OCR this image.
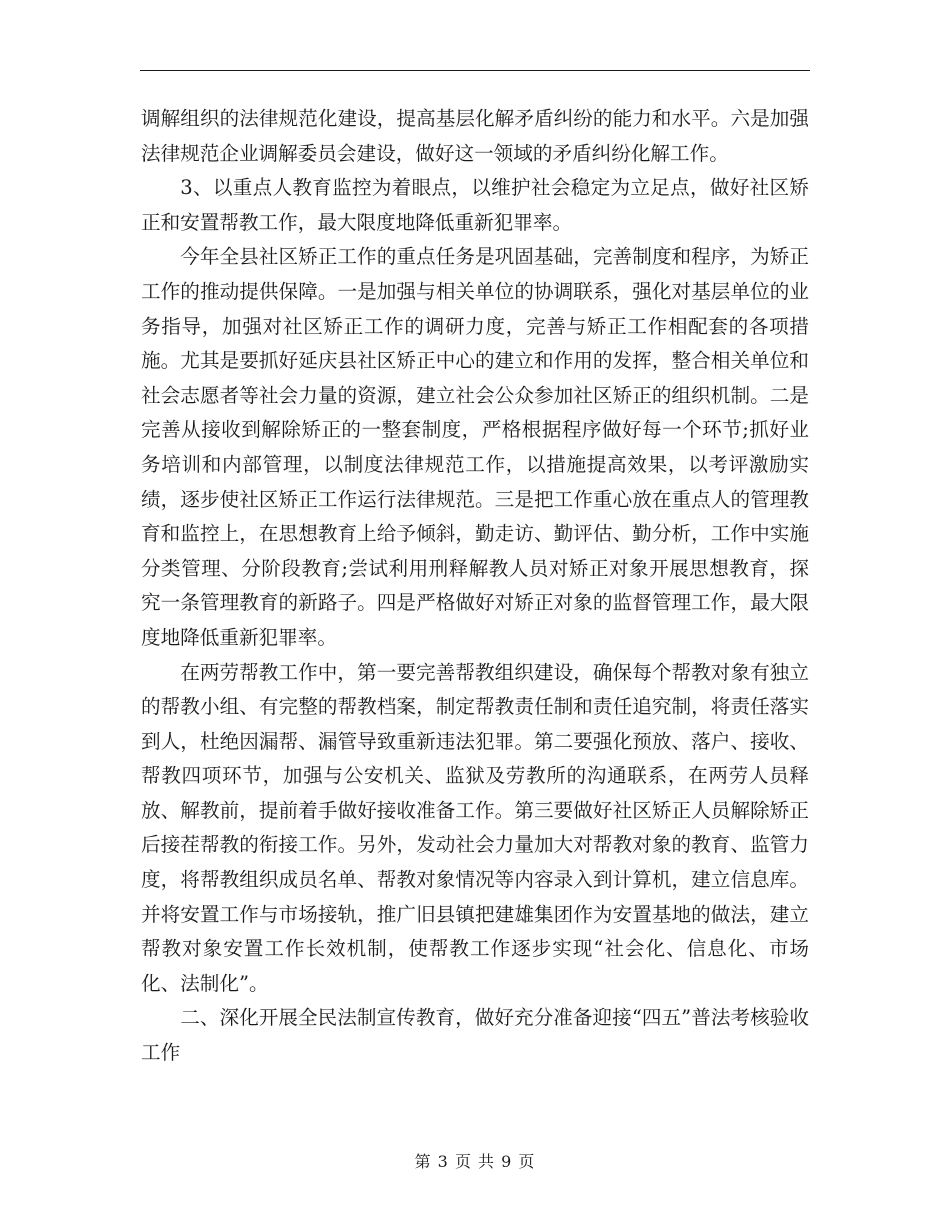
调解组织的法律规范化建设，提高基层化解矛盾纠纷的能力和水平。六是加强法律规范企业调解委员会建设，做好这一领域的矛盾纠纷化解工作。

3、以重点人教育监控为着眼点，以维护社会稳定为立足点，做好社区矫正和安置帮教工作，最大限度地降低重新犯罪率。

今年全县社区矫正工作的重点任务是巩固基础，完善制度和程序，为矫正工作的推动提供保障。一是加强与相关单位的协调联系，强化对基层单位的业务指导，加强对社区矫正工作的调研力度，完善与矫正工作相配套的各项措施。尤其是要抓好延庆县社区矫正中心的建立和作用的发挥，整合相关单位和社会志愿者等社会力量的资源，建立社会公众参加社区矫正的组织机制。二是完善从接收到解除矫正的一整套制度，严格根据程序做好每一个环节;抓好业务培训和内部管理，以制度法律规范工作，以措施提高效果，以考评激励实绩，逐步使社区矫正工作运行法律规范。三是把工作重心放在重点人的管理教育和监控上，在思想教育上给予倾斜，勤走访、勤评估、勤分析，工作中实施分类管理、分阶段教育;尝试利用刑释解教人员对矫正对象开展思想教育，探究一条管理教育的新路子。四是严格做好对矫正对象的监督管理工作，最大限度地降低重新犯罪率。

在两劳帮教工作中，第一要完善帮教组织建设，确保每个帮教对象有独立的帮教小组、有完整的帮教档案，制定帮教责任制和责任追究制，将责任落实到人，杜绝因漏帮、漏管导致重新违法犯罪。第二要强化预放、落户、接收、帮教四项环节，加强与公安机关、监狱及劳教所的沟通联系，在两劳人员释放、解教前，提前着手做好接收准备工作。第三要做好社区矫正人员解除矫正后接茬帮教的衔接工作。另外，发动社会力量加大对帮教对象的教育、监管力度，将帮教组织成员名单、帮教对象情况等内容录入到计算机，建立信息库。并将安置工作与市场接轨，推广旧县镇把建雄集团作为安置基地的做法，建立帮教对象安置工作长效机制，使帮教工作逐步实现“社会化、信息化、市场化、法制化”。

二、深化开展全民法制宣传教育，做好充分准备迎接“四五”普法考核验收工作

第 3 页 共 9 页
